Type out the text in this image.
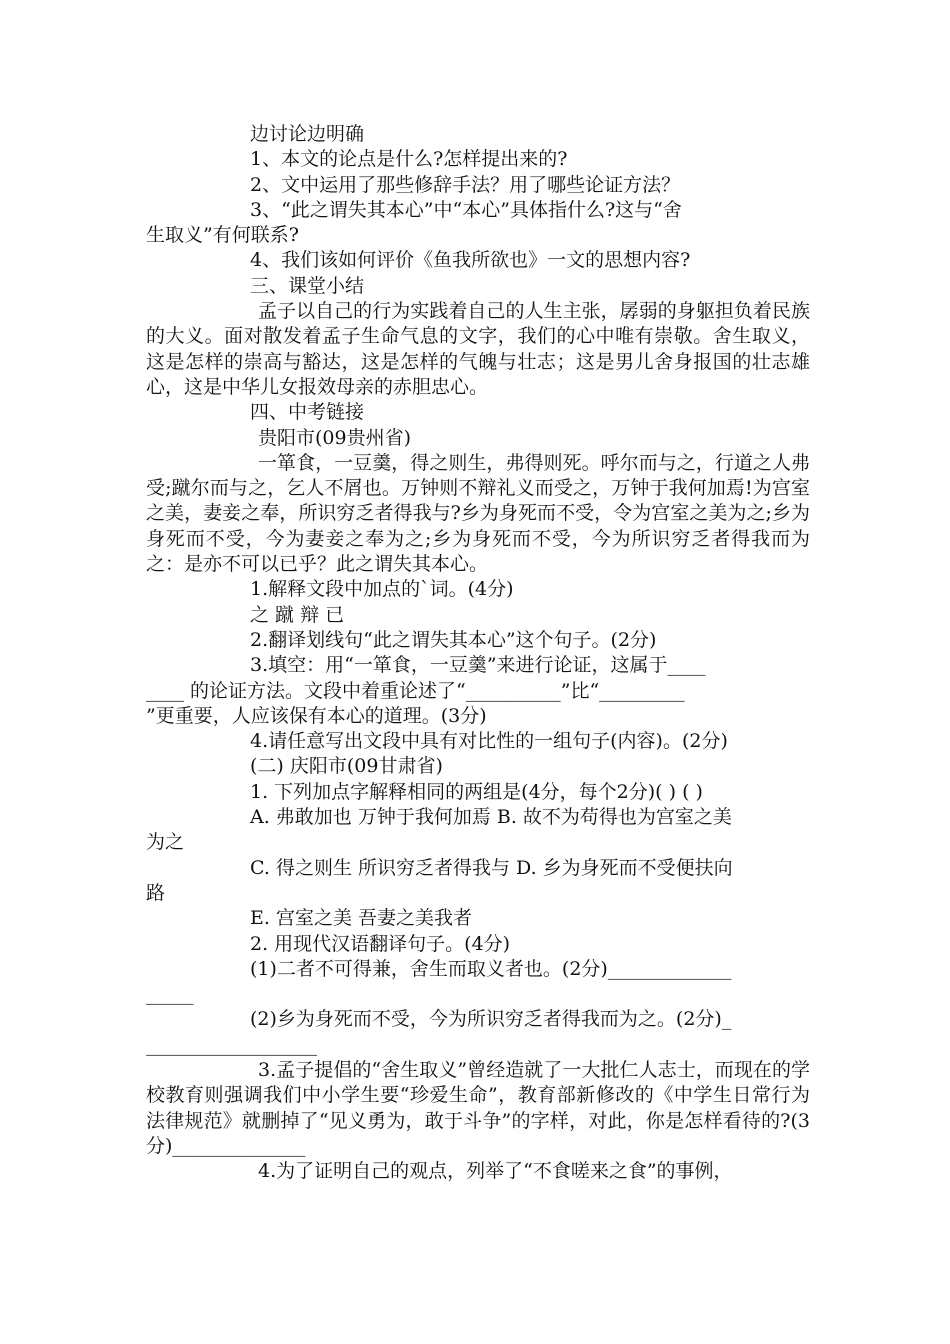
边讨论边明确
1、本文的论点是什么?怎样提出来的?
2、文中运用了那些修辞手法？用了哪些论证方法？
3、“此之谓失其本心”中“本心”具体指什么?这与“舍
生取义”有何联系?
4、我们该如何评价《鱼我所欲也》一文的思想内容?
三、课堂小结
孟子以自己的行为实践着自己的人生主张，孱弱的身躯担负着民族的大义。面对散发着孟子生命气息的文字，我们的心中唯有崇敬。舍生取义，这是怎样的崇高与豁达，这是怎样的气魄与壮志；这是男儿舍身报国的壮志雄心，这是中华儿女报效母亲的赤胆忠心。
四、中考链接
贵阳市(09贵州省)
一箪食，一豆羹，得之则生，弗得则死。呼尔而与之，行道之人弗受;蹴尔而与之，乞人不屑也。万钟则不辩礼义而受之，万钟于我何加焉!为宫室之美，妻妾之奉，所识穷乏者得我与?乡为身死而不受，令为宫室之美为之;乡为身死而不受，今为妻妾之奉为之;乡为身死而不受，今为所识穷乏者得我而为之：是亦不可以已乎？此之谓失其本心。
1.解释文段中加点的`词。(4分)
之 蹴 辩 已
2.翻译划线句“此之谓失其本心”这个句子。(2分)
3.填空：用“一箪食，一豆羹”来进行论证，这属于____
____ 的论证方法。文段中着重论述了“__________”比“_________
”更重要，人应该保有本心的道理。(3分)
4.请任意写出文段中具有对比性的一组句子(内容)。(2分)
(二) 庆阳市(09甘肃省)
1. 下列加点字解释相同的两组是(4分，每个2分)( ) ( )
A. 弗敢加也 万钟于我何加焉 B. 故不为苟得也为宫室之美
为之
C. 得之则生 所识穷乏者得我与 D. 乡为身死而不受便扶向
路
E. 宫室之美 吾妻之美我者
2. 用现代汉语翻译句子。(4分)
(1)二者不可得兼，舍生而取义者也。(2分)_____________
_____
(2)乡为身死而不受，今为所识穷乏者得我而为之。(2分)_
__________________
3.孟子提倡的“舍生取义”曾经造就了一大批仁人志士，而现在的学校教育则强调我们中小学生要“珍爱生命”，教育部新修改的《中学生日常行为法律规范》就删掉了“见义勇为，敢于斗争”的字样，对此，你是怎样看待的?(3分)______________
4.为了证明自己的观点，列举了“不食嗟来之食”的事例，
